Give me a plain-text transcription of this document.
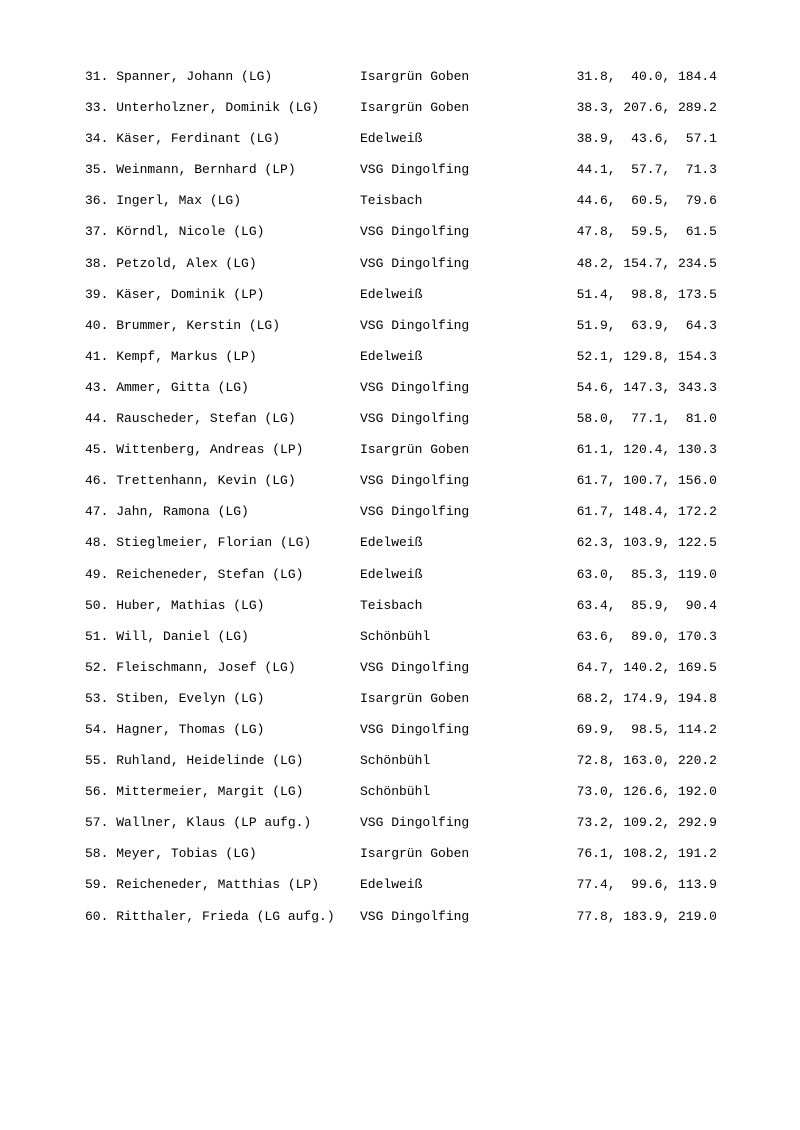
31. Spanner, Johann (LG)

	Isargrün Goben

	31.8,  40.0, 184.4

33. Unterholzner, Dominik (LG)

	Isargrün Goben

	38.3, 207.6, 289.2

34. Käser, Ferdinant (LG)

	Edelweiß

	38.9,  43.6,  57.1

35. Weinmann, Bernhard (LP)

	VSG Dingolfing

	44.1,  57.7,  71.3

36. Ingerl, Max (LG)

	Teisbach

	44.6,  60.5,  79.6

37. Körndl, Nicole (LG)

	VSG Dingolfing

	47.8,  59.5,  61.5

38. Petzold, Alex (LG)

	VSG Dingolfing

	48.2, 154.7, 234.5

39. Käser, Dominik (LP)

	Edelweiß

	51.4,  98.8, 173.5

40. Brummer, Kerstin (LG)

	VSG Dingolfing

	51.9,  63.9,  64.3

41. Kempf, Markus (LP)

	Edelweiß

	52.1, 129.8, 154.3

43. Ammer, Gitta (LG)

	VSG Dingolfing

	54.6, 147.3, 343.3

44. Rauscheder, Stefan (LG)

	VSG Dingolfing

	58.0,  77.1,  81.0

45. Wittenberg, Andreas (LP)

	Isargrün Goben

	61.1, 120.4, 130.3

46. Trettenhann, Kevin (LG)

	VSG Dingolfing

	61.7, 100.7, 156.0

47. Jahn, Ramona (LG)

	VSG Dingolfing

	61.7, 148.4, 172.2

48. Stieglmeier, Florian (LG)

	Edelweiß

	62.3, 103.9, 122.5

49. Reicheneder, Stefan (LG)

	Edelweiß

	63.0,  85.3, 119.0

50. Huber, Mathias (LG)

	Teisbach

	63.4,  85.9,  90.4

51. Will, Daniel (LG)

	Schönbühl

	63.6,  89.0, 170.3

52. Fleischmann, Josef (LG)

	VSG Dingolfing

	64.7, 140.2, 169.5

53. Stiben, Evelyn (LG)

	Isargrün Goben

	68.2, 174.9, 194.8

54. Hagner, Thomas (LG)

	VSG Dingolfing

	69.9,  98.5, 114.2

55. Ruhland, Heidelinde (LG)

	Schönbühl

	72.8, 163.0, 220.2

56. Mittermeier, Margit (LG)

	Schönbühl

	73.0, 126.6, 192.0

57. Wallner, Klaus (LP aufg.)

	VSG Dingolfing

	73.2, 109.2, 292.9

58. Meyer, Tobias (LG)

	Isargrün Goben

	76.1, 108.2, 191.2

59. Reicheneder, Matthias (LP)

	Edelweiß

	77.4,  99.6, 113.9

60. Ritthaler, Frieda (LG aufg.)

VSG Dingolfing

	77.8, 183.9, 219.0
